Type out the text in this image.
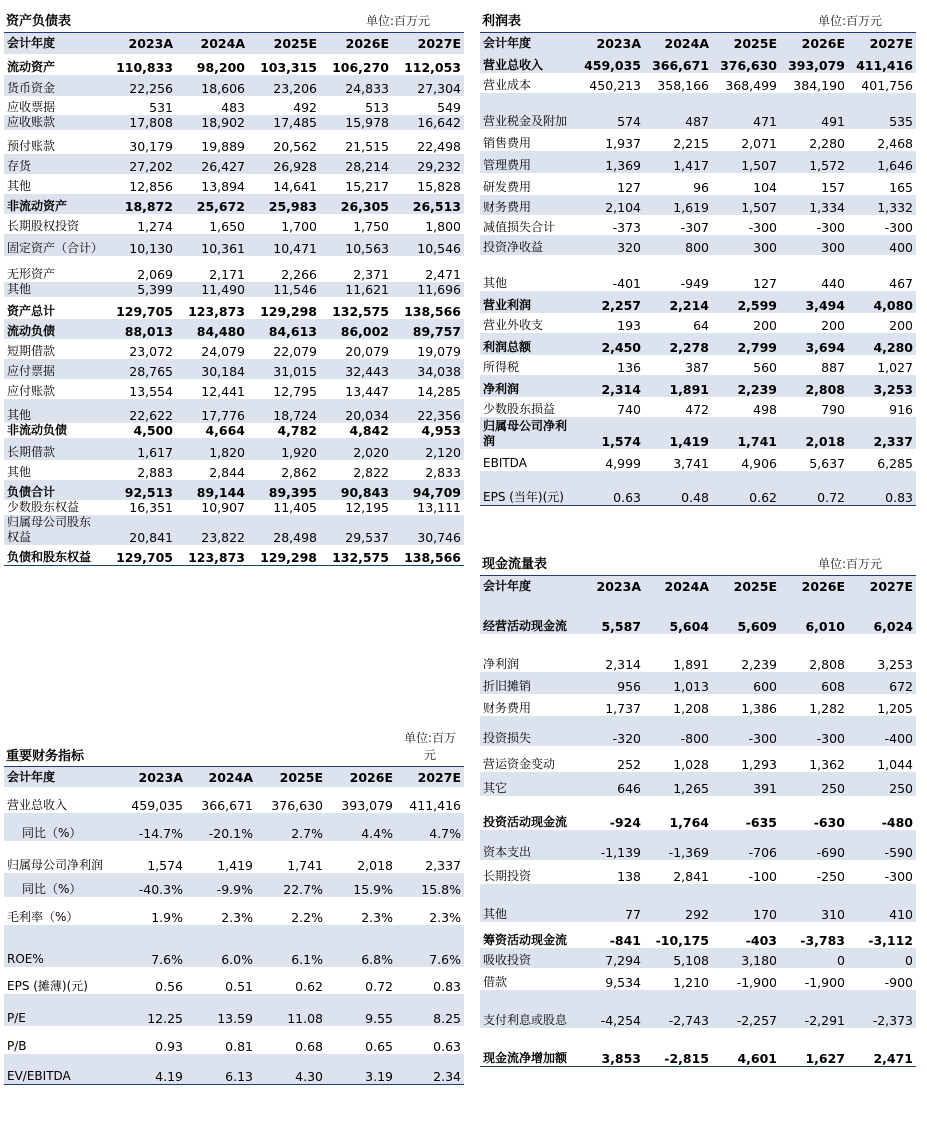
资产负债表	单位:百万元
会计年度	2023A	2024A	2025E	2026E	2027E
流动资产	110,833	98,200	103,315	106,270	112,053
货币资金	22,256	18,606	23,206	24,833	27,304
应收票据	531	483	492	513	549
应收账款	17,808	18,902	17,485	15,978	16,642
预付账款	30,179	19,889	20,562	21,515	22,498
存货	27,202	26,427	26,928	28,214	29,232
其他	12,856	13,894	14,641	15,217	15,828
非流动资产	18,872	25,672	25,983	26,305	26,513
长期股权投资	1,274	1,650	1,700	1,750	1,800
固定资产（合计）	10,130	10,361	10,471	10,563	10,546
无形资产	2,069	2,171	2,266	2,371	2,471
其他	5,399	11,490	11,546	11,621	11,696
资产总计	129,705	123,873	129,298	132,575	138,566
流动负债	88,013	84,480	84,613	86,002	89,757
短期借款	23,072	24,079	22,079	20,079	19,079
应付票据	28,765	30,184	31,015	32,443	34,038
应付账款	13,554	12,441	12,795	13,447	14,285
其他	22,622	17,776	18,724	20,034	22,356
非流动负债	4,500	4,664	4,782	4,842	4,953
长期借款	1,617	1,820	1,920	2,020	2,120
其他	2,883	2,844	2,862	2,822	2,833
负债合计	92,513	89,144	89,395	90,843	94,709
少数股东权益	16,351	10,907	11,405	12,195	13,111
归属母公司股东权益	20,841	23,822	28,498	29,537	30,746
负债和股东权益	129,705	123,873	129,298	132,575	138,566
重要财务指标
单位:百万元
会计年度	2023A	2024A	2025E	2026E	2027E
营业总收入	459,035	366,671	376,630	393,079	411,416
同比（%）	-14.7%	-20.1%	2.7%	4.4%	4.7%
归属母公司净利润	1,574	1,419	1,741	2,018	2,337
同比（%）	-40.3%	-9.9%	22.7%	15.9%	15.8%
毛利率（%）	1.9%	2.3%	2.2%	2.3%	2.3%
ROE%	7.6%	6.0%	6.1%	6.8%	7.6%
EPS (摊薄)(元)	0.56	0.51	0.62	0.72	0.83
P/E	12.25	13.59	11.08	9.55	8.25
P/B	0.93	0.81	0.68	0.65	0.63
EV/EBITDA	4.19	6.13	4.30	3.19	2.34
利润表	单位:百万元
会计年度	2023A	2024A	2025E	2026E	2027E
营业总收入	459,035	366,671	376,630	393,079	411,416
营业成本	450,213	358,166	368,499	384,190	401,756
营业税金及附加	574	487	471	491	535
销售费用	1,937	2,215	2,071	2,280	2,468
管理费用	1,369	1,417	1,507	1,572	1,646
研发费用	127	96	104	157	165
财务费用	2,104	1,619	1,507	1,334	1,332
减值损失合计	-373	-307	-300	-300	-300
投资净收益	320	800	300	300	400
其他	-401	-949	127	440	467
营业利润	2,257	2,214	2,599	3,494	4,080
营业外收支	193	64	200	200	200
利润总额	2,450	2,278	2,799	3,694	4,280
所得税	136	387	560	887	1,027
净利润	2,314	1,891	2,239	2,808	3,253
少数股东损益	740	472	498	790	916
归属母公司净利润	1,574	1,419	1,741	2,018	2,337
EBITDA	4,999	3,741	4,906	5,637	6,285
EPS (当年)(元)	0.63	0.48	0.62	0.72	0.83
现金流量表	单位:百万元
会计年度	2023A	2024A	2025E	2026E	2027E
经营活动现金流	5,587	5,604	5,609	6,010	6,024
净利润	2,314	1,891	2,239	2,808	3,253
折旧摊销	956	1,013	600	608	672
财务费用	1,737	1,208	1,386	1,282	1,205
投资损失	-320	-800	-300	-300	-400
营运资金变动	252	1,028	1,293	1,362	1,044
其它	646	1,265	391	250	250
投资活动现金流	-924	1,764	-635	-630	-480
资本支出	-1,139	-1,369	-706	-690	-590
长期投资	138	2,841	-100	-250	-300
其他	77	292	170	310	410
筹资活动现金流	-841	-10,175	-403	-3,783	-3,112
吸收投资	7,294	5,108	3,180	0	0
借款	9,534	1,210	-1,900	-1,900	-900
支付利息或股息	-4,254	-2,743	-2,257	-2,291	-2,373
现金流净增加额	3,853	-2,815	4,601	1,627	2,471
